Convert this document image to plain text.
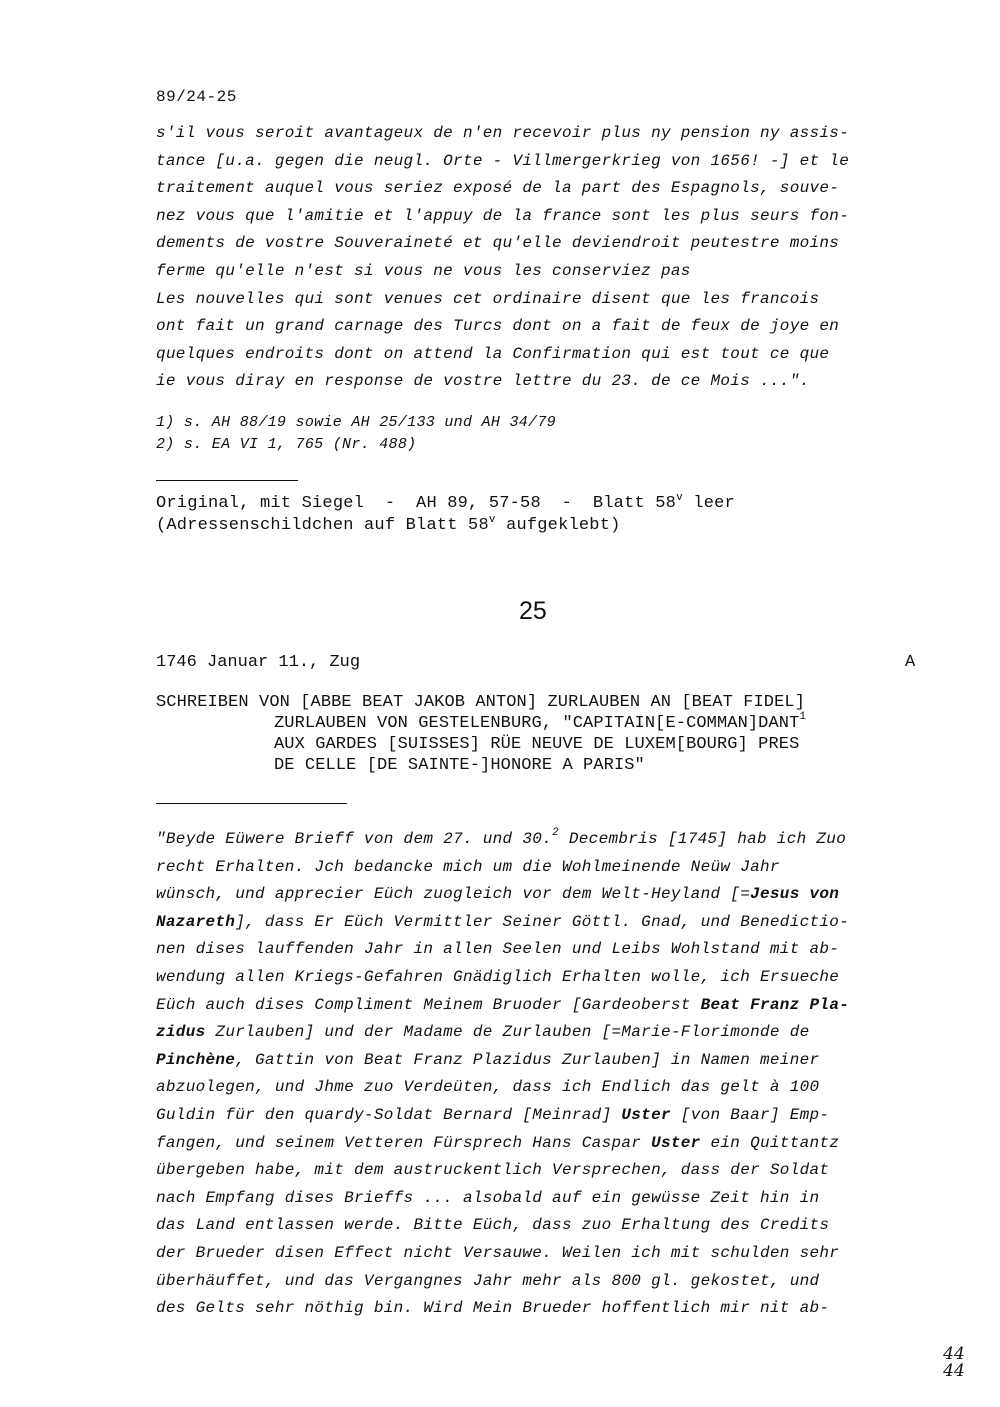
89/24-25
s'il vous seroit avantageux de n'en recevoir plus ny pension ny assis-
tance [u.a. gegen die neugl. Orte - Villmergerkrieg von 1656! -] et le
traitement auquel vous seriez exposé de la part des Espagnols, souve-
nez vous que l'amitie et l'appuy de la france sont les plus seurs fon-
dements de vostre Souveraineté et qu'elle deviendroit peutestre moins
ferme qu'elle n'est si vous ne vous les conserviez pas
Les nouvelles qui sont venues cet ordinaire disent que les francois
ont fait un grand carnage des Turcs dont on a fait de feux de joye en
quelques endroits dont on attend la Confirmation qui est tout ce que
ie vous diray en response de vostre lettre du 23. de ce Mois ...".
1) s. AH 88/19 sowie AH 25/133 und AH 34/79
2) s. EA VI 1, 765 (Nr. 488)
Original, mit Siegel  -  AH 89, 57-58  -  Blatt 58$^v$ leer
(Adressenschildchen auf Blatt 58$^v$ aufgeklebt)
25
1746 Januar 11., Zug	A
SCHREIBEN VON [ABBE BEAT JAKOB ANTON] ZURLAUBEN AN [BEAT FIDEL]
ZURLAUBEN VON GESTELENBURG, "CAPITAIN[E-COMMAN]DANT$^1$
AUX GARDES [SUISSES] RÜE NEUVE DE LUXEM[BOURG] PRES
DE CELLE [DE SAINTE-]HONORE A PARIS"
"Beyde Eüwere Brieff von dem 27. und 30.$^2$ Decembris [1745] hab ich Zuo
recht Erhalten. Jch bedancke mich um die Wohlmeinende Neüw Jahr
wünsch, und apprecier Eüch zuogleich vor dem Welt-Heyland [=Jesus von
Nazareth], dass Er Eüch Vermittler Seiner Göttl. Gnad, und Benedictio-
nen dises lauffenden Jahr in allen Seelen und Leibs Wohlstand mit ab-
wendung allen Kriegs-Gefahren Gnädiglich Erhalten wolle, ich Ersueche
Eüch auch dises Compliment Meinem Bruoder [Gardeoberst Beat Franz Pla-
zidus Zurlauben] und der Madame de Zurlauben [=Marie-Florimonde de
Pinchène, Gattin von Beat Franz Plazidus Zurlauben] in Namen meiner
abzuolegen, und Jhme zuo Verdeüten, dass ich Endlich das gelt à 100
Guldin für den quardy-Soldat Bernard [Meinrad] Uster [von Baar] Emp-
fangen, und seinem Vetteren Fürsprech Hans Caspar Uster ein Quittantz
übergeben habe, mit dem austruckentlich Versprechen, dass der Soldat
nach Empfang dises Brieffs ... alsobald auf ein gewüsse Zeit hin in
das Land entlassen werde. Bitte Eüch, dass zuo Erhaltung des Credits
der Brueder disen Effect nicht Versauwe. Weilen ich mit schulden sehr
überhäuffet, und das Vergangnes Jahr mehr als 800 gl. gekostet, und
des Gelts sehr nöthig bin. Wird Mein Brueder hoffentlich mir nit ab-
44
44
